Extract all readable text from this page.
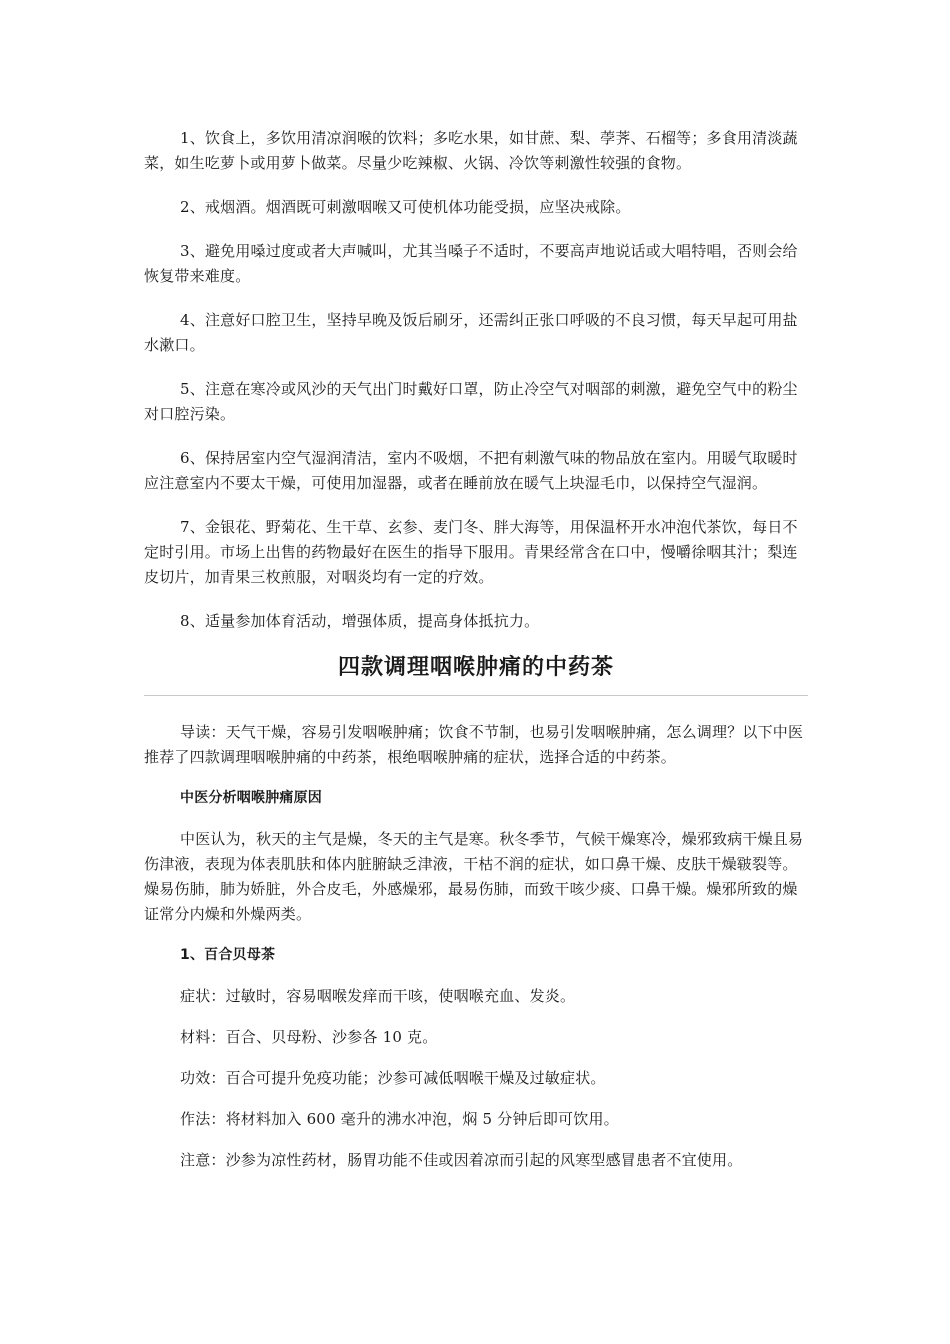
1、饮食上，多饮用清凉润喉的饮料；多吃水果，如甘蔗、梨、荸荠、石榴等；多食用清淡蔬菜，如生吃萝卜或用萝卜做菜。尽量少吃辣椒、火锅、冷饮等刺激性较强的食物。

2、戒烟酒。烟酒既可刺激咽喉又可使机体功能受损，应坚决戒除。

3、避免用嗓过度或者大声喊叫，尤其当嗓子不适时，不要高声地说话或大唱特唱，否则会给恢复带来难度。

4、注意好口腔卫生，坚持早晚及饭后刷牙，还需纠正张口呼吸的不良习惯，每天早起可用盐水漱口。

5、注意在寒冷或风沙的天气出门时戴好口罩，防止冷空气对咽部的刺激，避免空气中的粉尘对口腔污染。

6、保持居室内空气湿润清洁，室内不吸烟，不把有刺激气味的物品放在室内。用暖气取暖时应注意室内不要太干燥，可使用加湿器，或者在睡前放在暖气上块湿毛巾，以保持空气湿润。

7、金银花、野菊花、生干草、玄参、麦门冬、胖大海等，用保温杯开水冲泡代茶饮，每日不定时引用。市场上出售的药物最好在医生的指导下服用。青果经常含在口中，慢嚼徐咽其汁；梨连皮切片，加青果三枚煎服，对咽炎均有一定的疗效。

8、适量参加体育活动，增强体质，提高身体抵抗力。

四款调理咽喉肿痛的中药茶

导读：天气干燥，容易引发咽喉肿痛；饮食不节制，也易引发咽喉肿痛，怎么调理？以下中医推荐了四款调理咽喉肿痛的中药茶，根绝咽喉肿痛的症状，选择合适的中药茶。

中医分析咽喉肿痛原因

中医认为，秋天的主气是燥，冬天的主气是寒。秋冬季节，气候干燥寒冷，燥邪致病干燥且易伤津液，表现为体表肌肤和体内脏腑缺乏津液，干枯不润的症状，如口鼻干燥、皮肤干燥皲裂等。燥易伤肺，肺为娇脏，外合皮毛，外感燥邪，最易伤肺，而致干咳少痰、口鼻干燥。燥邪所致的燥证常分内燥和外燥两类。

1、百合贝母茶

症状：过敏时，容易咽喉发痒而干咳，使咽喉充血、发炎。

材料：百合、贝母粉、沙参各 10 克。

功效：百合可提升免疫功能；沙参可减低咽喉干燥及过敏症状。

作法：将材料加入 600 毫升的沸水冲泡，焖 5 分钟后即可饮用。

注意：沙参为凉性药材，肠胃功能不佳或因着凉而引起的风寒型感冒患者不宜使用。
